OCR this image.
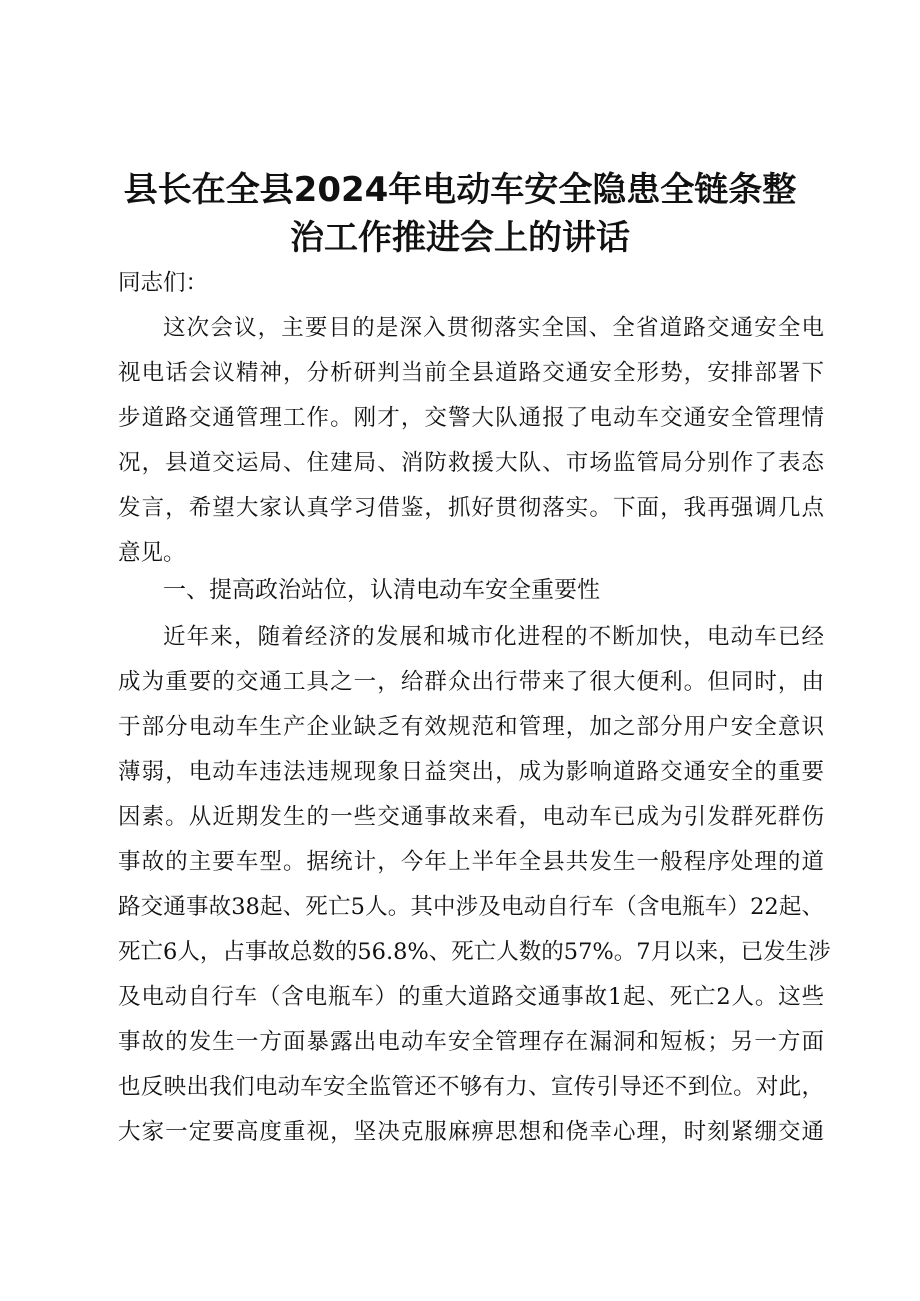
县长在全县2024年电动车安全隐患全链条整
治工作推进会上的讲话
同志们：
这次会议，主要目的是深入贯彻落实全国、全省道路交通安全电
视电话会议精神，分析研判当前全县道路交通安全形势，安排部署下
步道路交通管理工作。刚才，交警大队通报了电动车交通安全管理情
况，县道交运局、住建局、消防救援大队、市场监管局分别作了表态
发言，希望大家认真学习借鉴，抓好贯彻落实。下面，我再强调几点
意见。
一、提高政治站位，认清电动车安全重要性
近年来，随着经济的发展和城市化进程的不断加快，电动车已经
成为重要的交通工具之一，给群众出行带来了很大便利。但同时，由
于部分电动车生产企业缺乏有效规范和管理，加之部分用户安全意识
薄弱，电动车违法违规现象日益突出，成为影响道路交通安全的重要
因素。从近期发生的一些交通事故来看，电动车已成为引发群死群伤
事故的主要车型。据统计，今年上半年全县共发生一般程序处理的道
路交通事故38起、死亡5人。其中涉及电动自行车（含电瓶车）22起、
死亡6人，占事故总数的56.8%、死亡人数的57%。7月以来，已发生涉
及电动自行车（含电瓶车）的重大道路交通事故1起、死亡2人。这些
事故的发生一方面暴露出电动车安全管理存在漏洞和短板；另一方面
也反映出我们电动车安全监管还不够有力、宣传引导还不到位。对此，
大家一定要高度重视，坚决克服麻痹思想和侥幸心理，时刻紧绷交通
